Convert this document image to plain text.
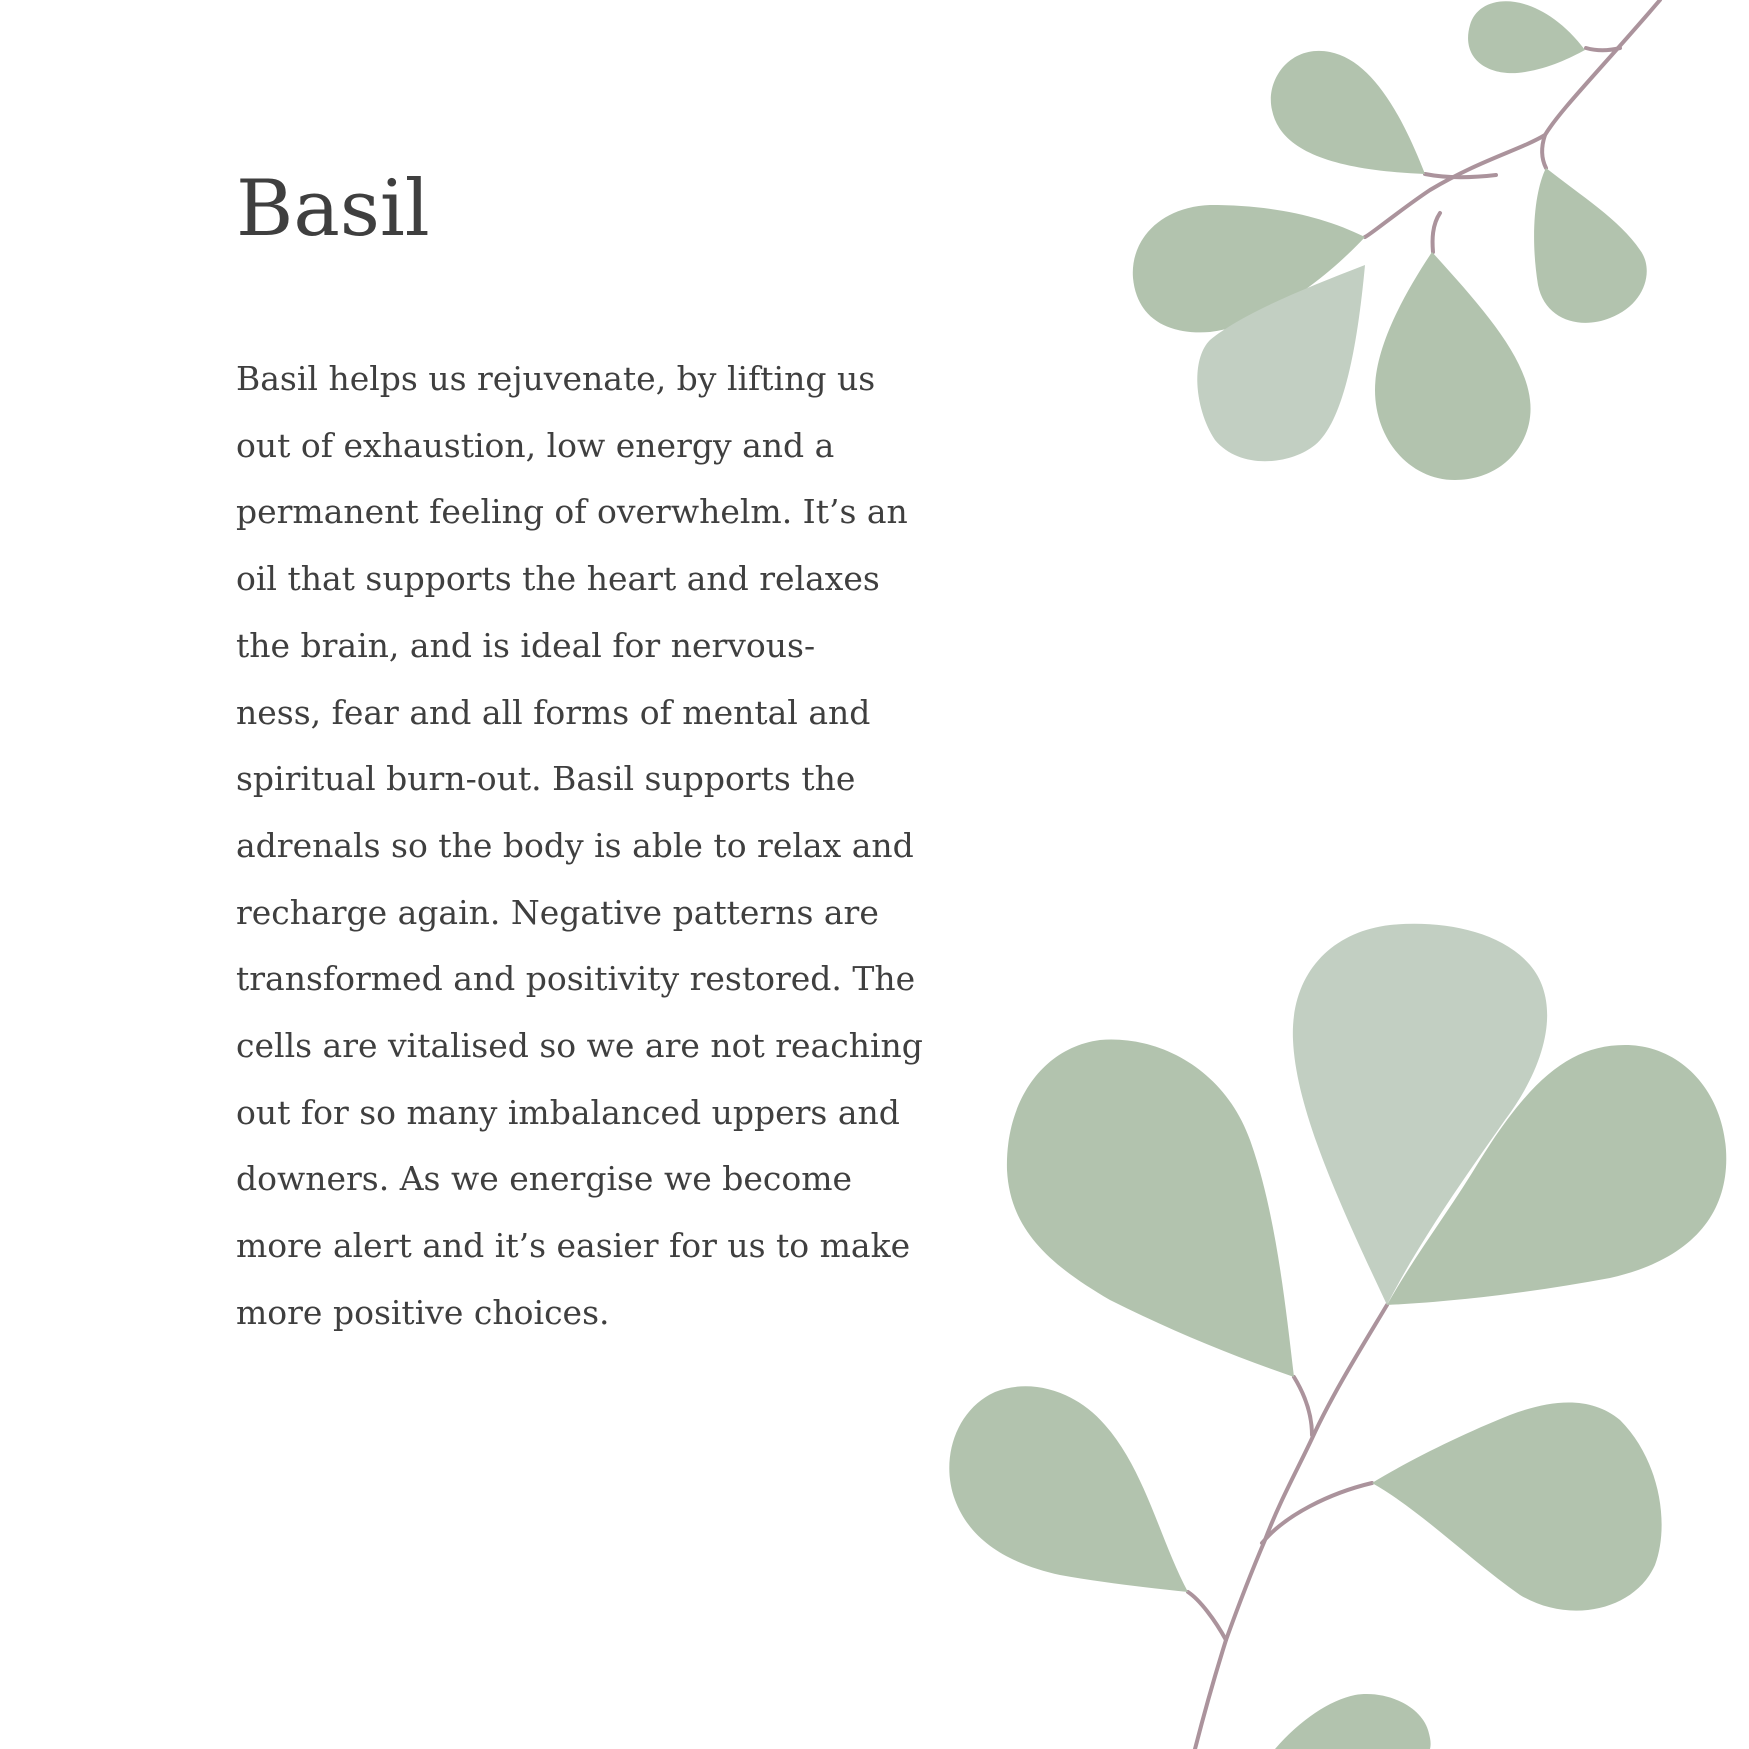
Basil

Basil helps us rejuvenate, by lifting us
out of exhaustion, low energy and a
permanent feeling of overwhelm. It’s an
oil that supports the heart and relaxes
the brain, and is ideal for nervous-
ness, fear and all forms of mental and
spiritual burn-out. Basil supports the
adrenals so the body is able to relax and
recharge again. Negative patterns are
transformed and positivity restored. The
cells are vitalised so we are not reaching
out for so many imbalanced uppers and
downers. As we energise we become
more alert and it’s easier for us to make
more positive choices.
